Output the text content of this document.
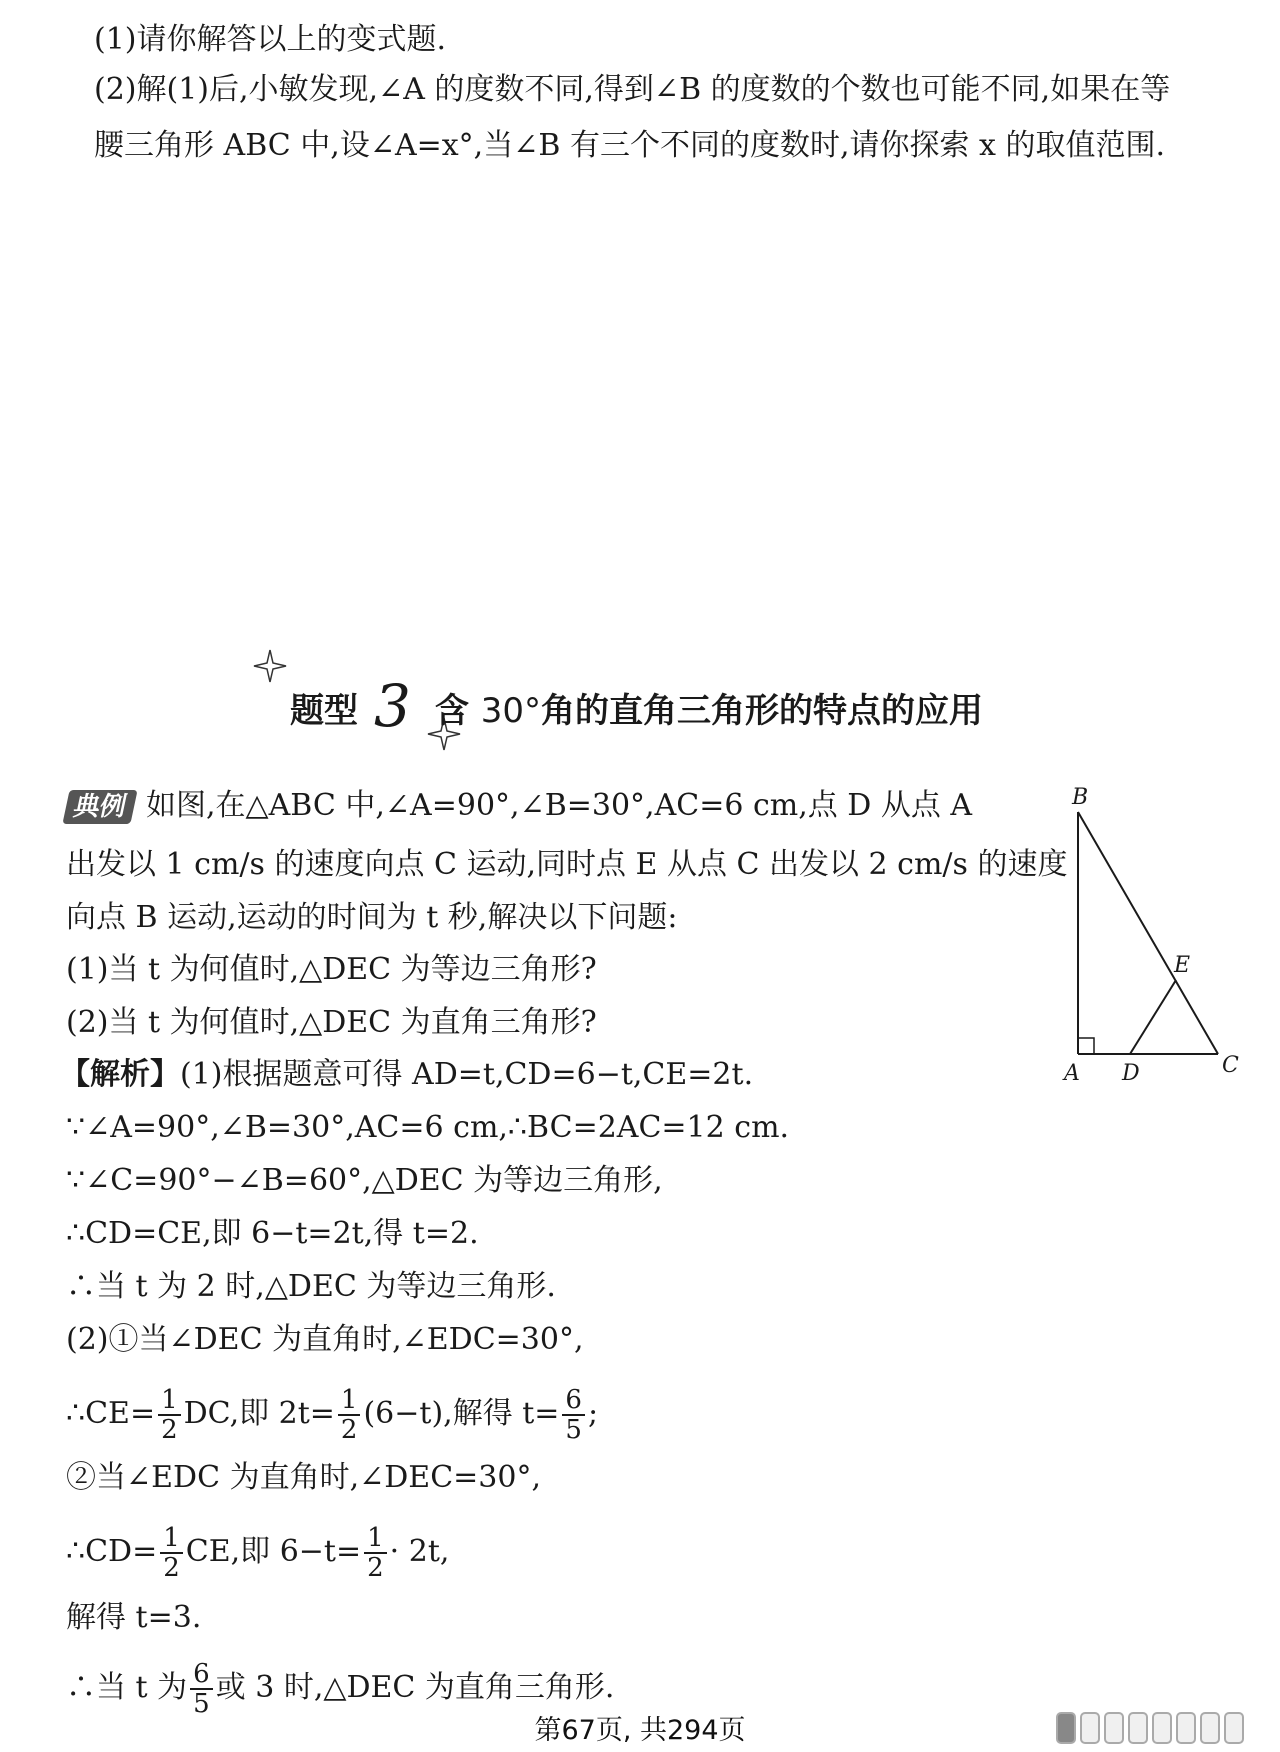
(1)请你解答以上的变式题.
(2)解(1)后,小敏发现,∠A 的度数不同,得到∠B 的度数的个数也可能不同,如果在等
腰三角形 ABC 中,设∠A=x°,当∠B 有三个不同的度数时,请你探索 x 的取值范围.
题型 3 含 30°角的直角三角形的特点的应用
典例 如图,在△ABC 中,∠A=90°,∠B=30°,AC=6 cm,点 D 从点 A
出发以 1 cm/s 的速度向点 C 运动,同时点 E 从点 C 出发以 2 cm/s 的速度
向点 B 运动,运动的时间为 t 秒,解决以下问题:
(1)当 t 为何值时,△DEC 为等边三角形?
(2)当 t 为何值时,△DEC 为直角三角形?
B
E
A D	C
【解析】(1)根据题意可得 AD=t,CD=6−t,CE=2t.
∵∠A=90°,∠B=30°,AC=6 cm,∴BC=2AC=12 cm.
∵∠C=90°−∠B=60°,△DEC 为等边三角形,
∴CD=CE,即 6−t=2t,得 t=2.
∴当 t 为 2 时,△DEC 为等边三角形.
(2)①当∠DEC 为直角时,∠EDC=30°,
∴CE= $\frac{1}{2}$ DC,即 $2t= \frac{1}{2} (6-t)$,解得 $t= \frac{6}{5}$ ;
②当∠EDC 为直角时,∠DEC=30°,
∴CD= $\frac{1}{2}$ CE,即 $6-t= \frac{1}{2} \cdot 2t$,
解得 t=3.
∴当 t 为 $\frac{6}{5}$ 或 3 时,△DEC 为直角三角形.
第67页, 共294页
